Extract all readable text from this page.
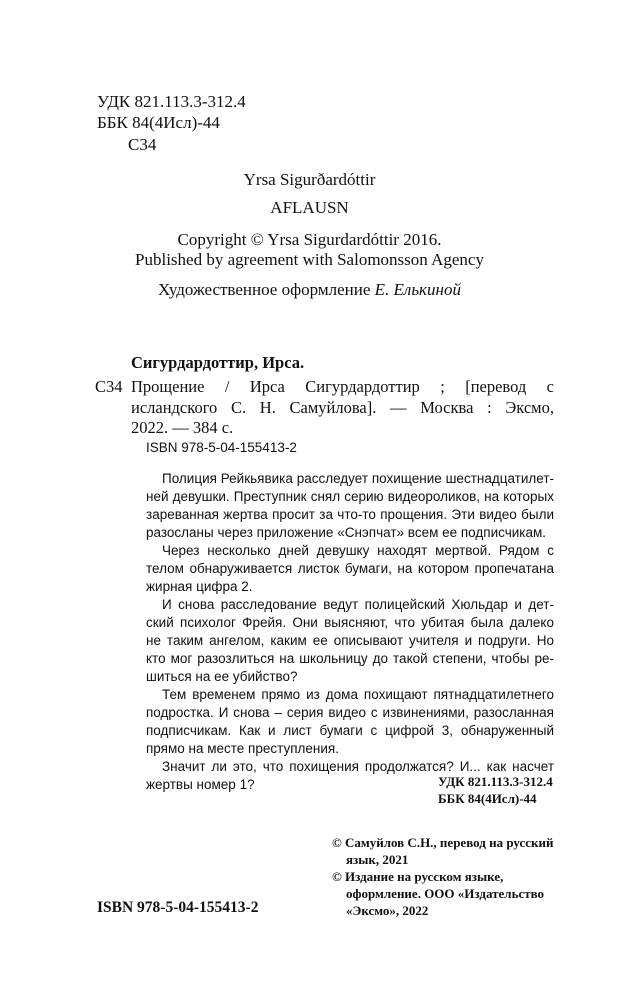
УДК 821.113.3-312.4
ББК 84(4Исл)-44
С34
Yrsa Sigurðardóttir
AFLAUSN
Copyright © Yrsa Sigurdardóttir 2016.
Published by agreement with Salomonsson Agency
Художественное оформление Е. Елькиной
Сигурдардоттир, Ирса.
С34 Прощение / Ирса Сигурдардоттир ; [перевод с
исландского С. Н. Самуйлова]. — Москва : Эксмо,
2022. — 384 с.
ISBN 978-5-04-155413-2
Полиция Рейкьявика расследует похищение шестнадцатилет-
ней девушки. Преступник снял серию видеороликов, на которых
зареванная жертва просит за что-то прощения. Эти видео были
разосланы через приложение «Снэпчат» всем ее подписчикам.
Через несколько дней девушку находят мертвой. Рядом с
телом обнаруживается листок бумаги, на котором пропечатана
жирная цифра 2.
И снова расследование ведут полицейский Хюльдар и дет-
ский психолог Фрейя. Они выясняют, что убитая была далеко
не таким ангелом, каким ее описывают учителя и подруги. Но
кто мог разозлиться на школьницу до такой степени, чтобы ре-
шиться на ее убийство?
Тем временем прямо из дома похищают пятнадцатилетнего
подростка. И снова – серия видео с извинениями, разосланная
подписчикам. Как и лист бумаги с цифрой 3, обнаруженный
прямо на месте преступления.
Значит ли это, что похищения продолжатся? И... как насчет
жертвы номер 1?	УДК 821.113.3-312.4
ББК 84(4Исл)-44
ISBN 978-5-04-155413-2
© Самуйлов С.Н., перевод на русский
язык, 2021
© Издание на русском языке,
оформление. ООО «Издательство
«Эксмо», 2022
